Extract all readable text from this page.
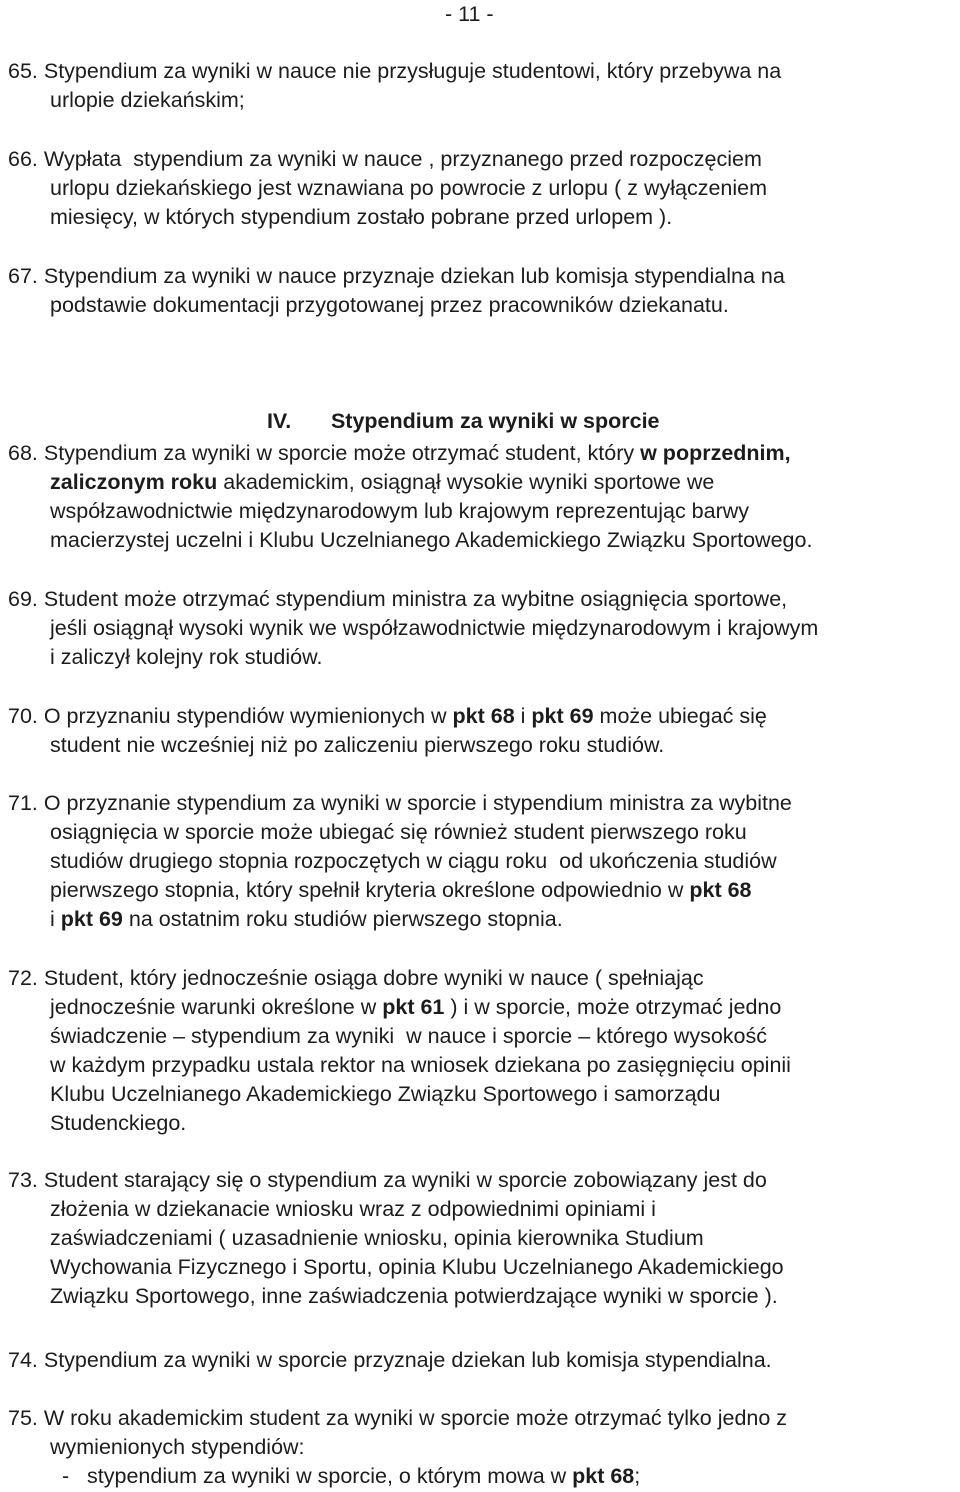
- 11 -
65. Stypendium za wyniki w nauce nie przysługuje studentowi, który przebywa na
urlopie dziekańskim;
66. Wypłata  stypendium za wyniki w nauce , przyznanego przed rozpoczęciem
urlopu dziekańskiego jest wznawiana po powrocie z urlopu ( z wyłączeniem
miesięcy, w których stypendium zostało pobrane przed urlopem ).
67. Stypendium za wyniki w nauce przyznaje dziekan lub komisja stypendialna na
podstawie dokumentacji przygotowanej przez pracowników dziekanatu.

IV. Stypendium za wyniki w sporcie

68. Stypendium za wyniki w sporcie może otrzymać student, który w poprzednim,
zaliczonym roku akademickim, osiągnął wysokie wyniki sportowe we
współzawodnictwie międzynarodowym lub krajowym reprezentując barwy
macierzystej uczelni i Klubu Uczelnianego Akademickiego Związku Sportowego.
69. Student może otrzymać stypendium ministra za wybitne osiągnięcia sportowe,
jeśli osiągnął wysoki wynik we współzawodnictwie międzynarodowym i krajowym
i zaliczył kolejny rok studiów.
70. O przyznaniu stypendiów wymienionych w pkt 68 i pkt 69 może ubiegać się
student nie wcześniej niż po zaliczeniu pierwszego roku studiów.
71. O przyznanie stypendium za wyniki w sporcie i stypendium ministra za wybitne
osiągnięcia w sporcie może ubiegać się również student pierwszego roku
studiów drugiego stopnia rozpoczętych w ciągu roku  od ukończenia studiów
pierwszego stopnia, który spełnił kryteria określone odpowiednio w pkt 68
i pkt 69 na ostatnim roku studiów pierwszego stopnia.
72. Student, który jednocześnie osiąga dobre wyniki w nauce ( spełniając
jednocześnie warunki określone w pkt 61 ) i w sporcie, może otrzymać jedno
świadczenie – stypendium za wyniki  w nauce i sporcie – którego wysokość
w każdym przypadku ustala rektor na wniosek dziekana po zasięgnięciu opinii
Klubu Uczelnianego Akademickiego Związku Sportowego i samorządu
Studenckiego.
73. Student starający się o stypendium za wyniki w sporcie zobowiązany jest do
złożenia w dziekanacie wniosku wraz z odpowiednimi opiniami i
zaświadczeniami ( uzasadnienie wniosku, opinia kierownika Studium
Wychowania Fizycznego i Sportu, opinia Klubu Uczelnianego Akademickiego
Związku Sportowego, inne zaświadczenia potwierdzające wyniki w sporcie ).
74. Stypendium za wyniki w sporcie przyznaje dziekan lub komisja stypendialna.
75. W roku akademickim student za wyniki w sporcie może otrzymać tylko jedno z
wymienionych stypendiów:
-   stypendium za wyniki w sporcie, o którym mowa w pkt 68;
